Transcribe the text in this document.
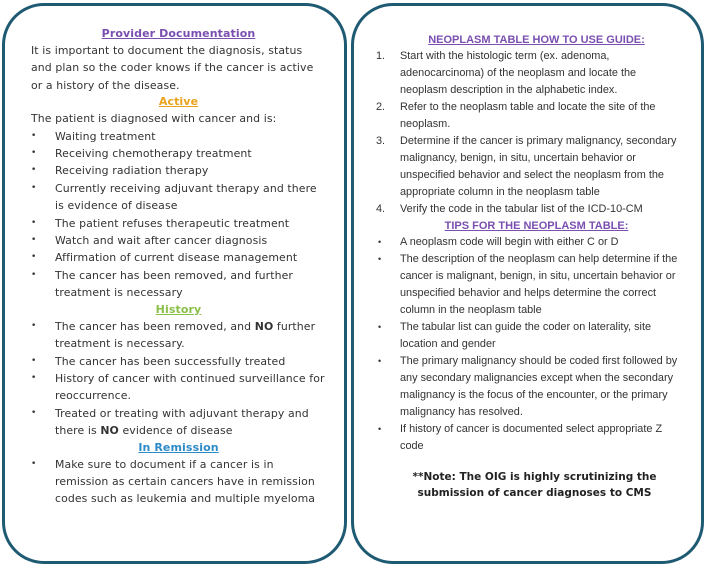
Provider Documentation

It is important to document the diagnosis, status and plan so the coder knows if the cancer is active or a history of the disease.

Active

The patient is diagnosed with cancer and is:

• Waiting treatment
• Receiving chemotherapy treatment
• Receiving radiation therapy
• Currently receiving adjuvant therapy and there is evidence of disease
• The patient refuses therapeutic treatment
• Watch and wait after cancer diagnosis
• Affirmation of current disease management
• The cancer has been removed, and further treatment is necessary
History
• The cancer has been removed, and NO further treatment is necessary.
• The cancer has been successfully treated
• History of cancer with continued surveillance for reoccurrence.
• Treated or treating with adjuvant therapy and there is NO evidence of disease
In Remission
• Make sure to document if a cancer is in remission as certain cancers have in remission codes such as leukemia and multiple myeloma
NEOPLASM TABLE HOW TO USE GUIDE:
1. Start with the histologic term (ex. adenoma, adenocarcinoma) of the neoplasm and locate the neoplasm description in the alphabetic index.
2. Refer to the neoplasm table and locate the site of the neoplasm.
3. Determine if the cancer is primary malignancy, secondary malignancy, benign, in situ, uncertain behavior or unspecified behavior and select the neoplasm from the appropriate column in the neoplasm table
4. Verify the code in the tabular list of the ICD-10-CM
TIPS FOR THE NEOPLASM TABLE:
• A neoplasm code will begin with either C or D
• The description of the neoplasm can help determine if the cancer is malignant, benign, in situ, uncertain behavior or unspecified behavior and helps determine the correct column in the neoplasm table
• The tabular list can guide the coder on laterality, site location and gender
• The primary malignancy should be coded first followed by any secondary malignancies except when the secondary malignancy is the focus of the encounter, or the primary malignancy has resolved.
• If history of cancer is documented select appropriate Z code
**Note: The OIG is highly scrutinizing the submission of cancer diagnoses to CMS
